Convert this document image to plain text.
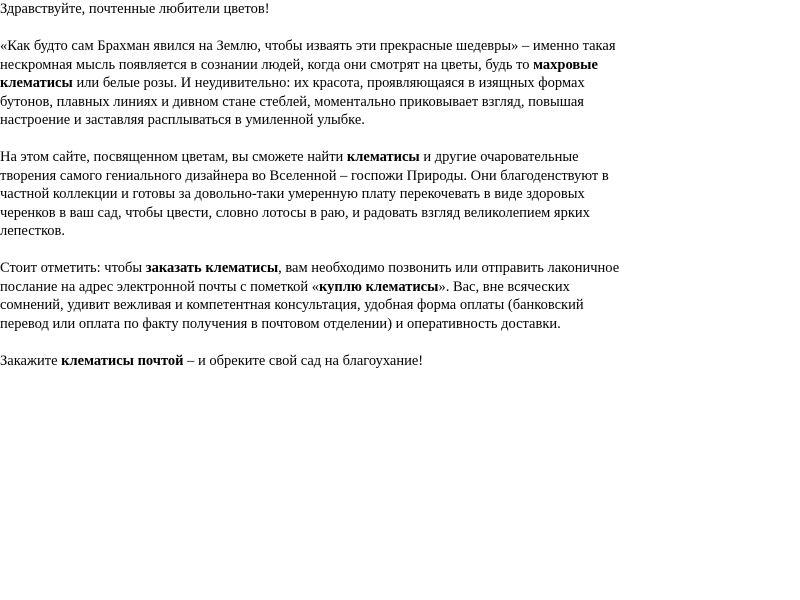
Здравствуйте, почтенные любители цветов!

«Как будто сам Брахман явился на Землю, чтобы изваять эти прекрасные шедевры» – именно такая нескромная мысль появляется в сознании людей, когда они смотрят на цветы, будь то махровые клематисы или белые розы. И неудивительно: их красота, проявляющаяся в изящных формах бутонов, плавных линиях и дивном стане стеблей, моментально приковывает взгляд, повышая настроение и заставляя расплываться в умиленной улыбке.

На этом сайте, посвященном цветам, вы сможете найти клематисы и другие очаровательные творения самого гениального дизайнера во Вселенной – госпожи Природы. Они благоденствуют в частной коллекции и готовы за довольно-таки умеренную плату перекочевать в виде здоровых черенков в ваш сад, чтобы цвести, словно лотосы в раю, и радовать взгляд великолепием ярких лепестков.

Стоит отметить: чтобы заказать клематисы, вам необходимо позвонить или отправить лаконичное послание на адрес электронной почты с пометкой «куплю клематисы». Вас, вне всяческих сомнений, удивит вежливая и компетентная консультация, удобная форма оплаты (банковский перевод или оплата по факту получения в почтовом отделении) и оперативность доставки.

Закажите клематисы почтой – и обреките свой сад на благоухание!
